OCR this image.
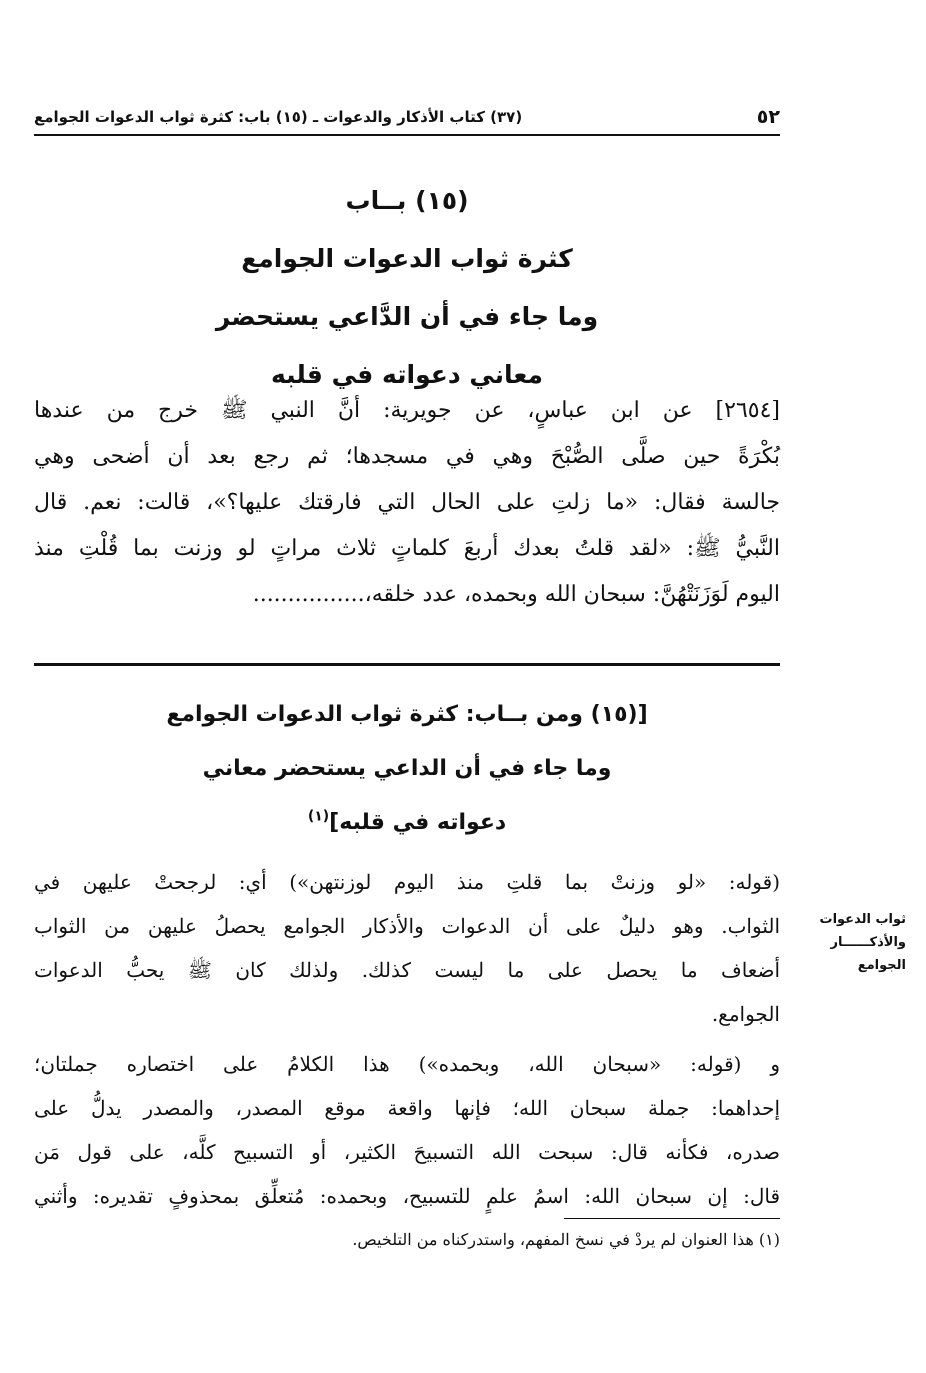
٥٢
(٣٧) كتاب الأذكار والدعوات ـ (١٥) باب: كثرة ثواب الدعوات الجوامع
(١٥) بــاب
كثرة ثواب الدعوات الجوامع
وما جاء في أن الدَّاعي يستحضر
معاني دعواته في قلبه
[٢٦٥٤] عن ابن عباسٍ، عن جويرية: أنَّ النبي ﷺ خرج من عندها
بُكْرَةً حين صلَّى الصُّبْحَ وهي في مسجدها؛ ثم رجع بعد أن أضحى وهي
جالسة فقال: «ما زلتِ على الحال التي فارقتك عليها؟»، قالت: نعم. قال
النَّبيُّ ﷺ: «لقد قلتُ بعدك أربعَ كلماتٍ ثلاث مراتٍ لو وزنت بما قُلْتِ منذ
اليوم لَوَزَنَتْهُنَّ: سبحان الله وبحمده، عدد خلقه،................
[(١٥) ومن بــاب: كثرة ثواب الدعوات الجوامع
وما جاء في أن الداعي يستحضر معاني
دعواته في قلبه]$^{(١)}$
ثواب الدعوات
والأذكــــــار
الجوامع
(قوله: «لو وزنتْ بما قلتِ منذ اليوم لوزنتهن») أي: لرجحتْ عليهن في
الثواب. وهو دليلٌ على أن الدعوات والأذكار الجوامع يحصلُ عليهن من الثواب
أضعاف ما يحصل على ما ليست كذلك. ولذلك كان ﷺ يحبُّ الدعوات
الجوامع.
و (قوله: «سبحان الله، وبحمده») هذا الكلامُ على اختصاره جملتان؛
إحداهما: جملة سبحان الله؛ فإنها واقعة موقع المصدر، والمصدر يدلُّ على
صدره، فكأنه قال: سبحت الله التسبيحَ الكثير، أو التسبيح كلَّه، على قول مَن
قال: إن سبحان الله: اسمُ علمٍ للتسبيح، وبحمده: مُتعلِّق بمحذوفٍ تقديره: وأثني
(١) هذا العنوان لم يردْ في نسخ المفهم، واستدركناه من التلخيص.
